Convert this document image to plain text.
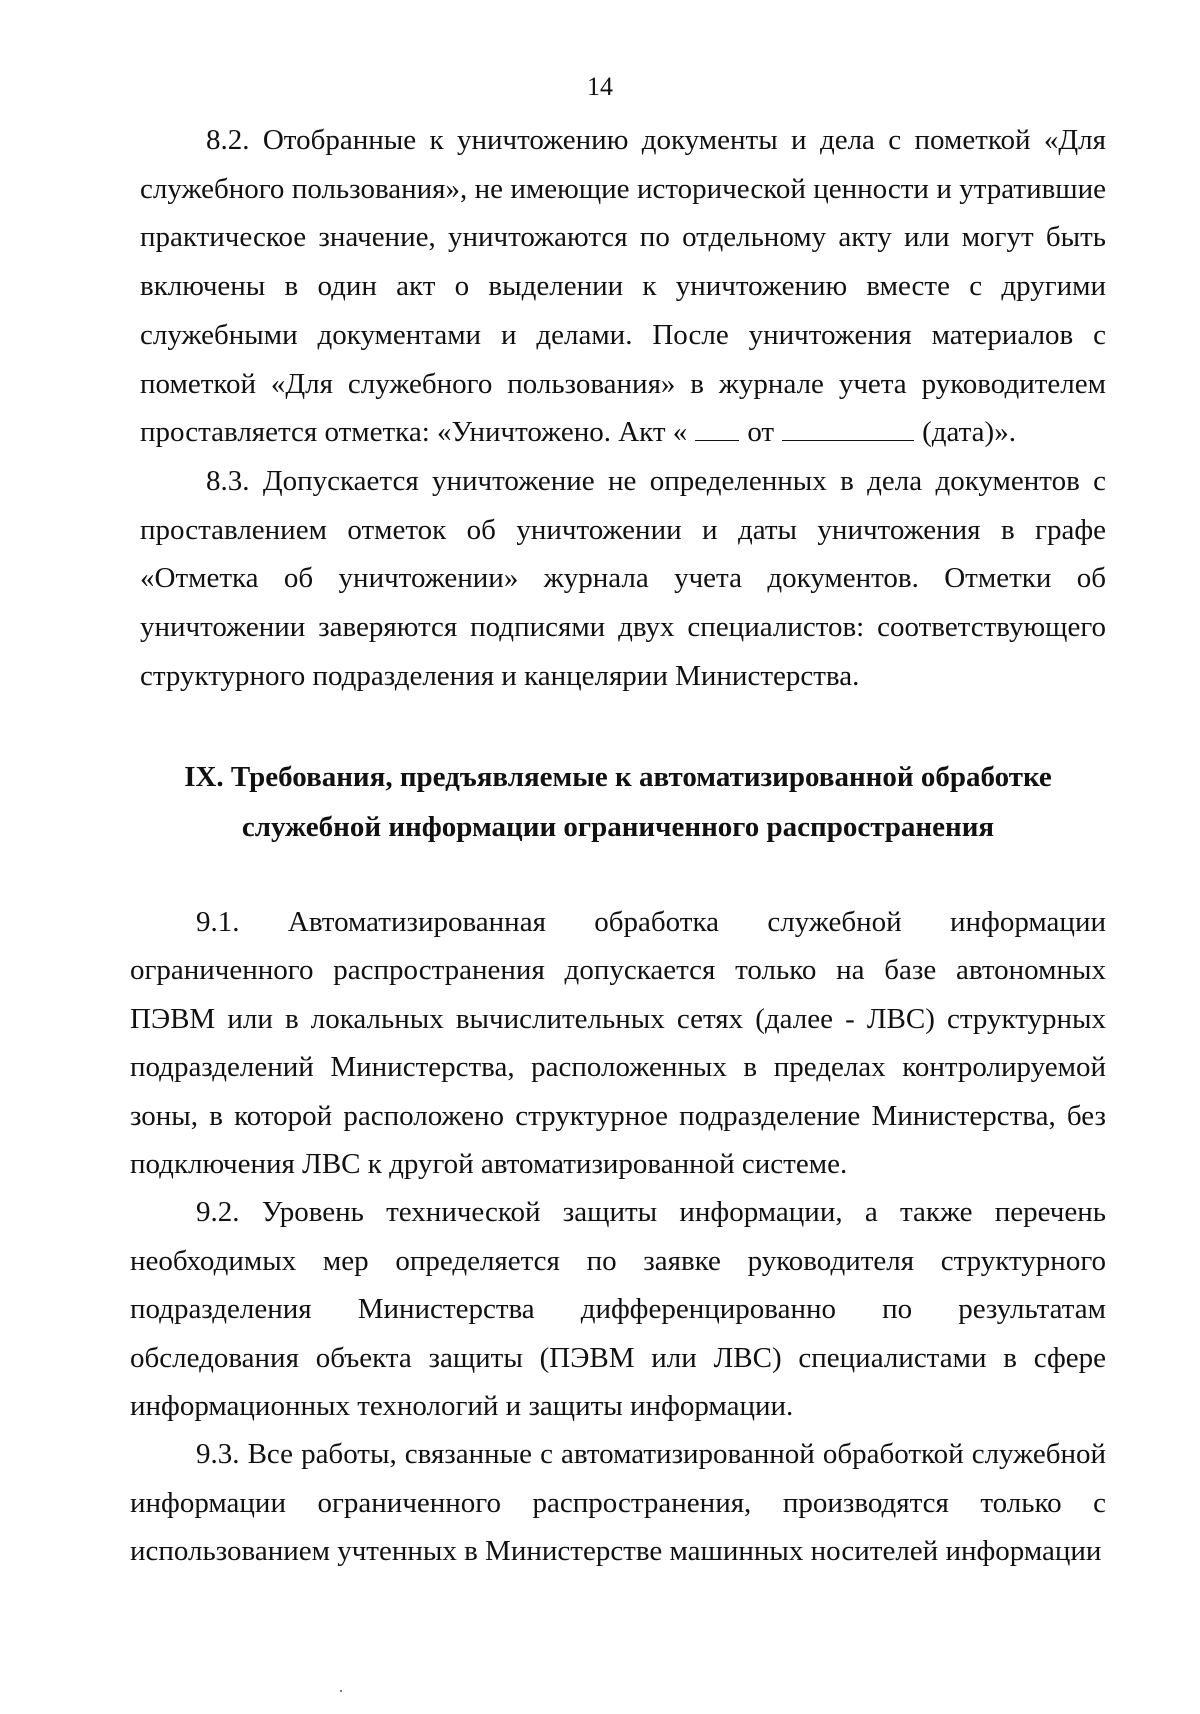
14

8.2. Отобранные к уничтожению документы и дела с пометкой «Для служебного пользования», не имеющие исторической ценности и утратившие практическое значение, уничтожаются по отдельному акту или могут быть включены в один акт о выделении к уничтожению вместе с другими служебными документами и делами. После уничтожения материалов с пометкой «Для служебного пользования» в журнале учета руководителем проставляется отметка: «Уничтожено. Акт « от	(дата)».

8.3. Допускается уничтожение не определенных в дела документов с проставлением отметок об уничтожении и даты уничтожения в графе «Отметка об уничтожении» журнала учета документов. Отметки об уничтожении заверяются подписями двух специалистов: соответствующего структурного подразделения и канцелярии Министерства.

IX. Требования, предъявляемые к автоматизированной обработке
служебной информации ограниченного распространения

9.1. Автоматизированная обработка служебной информации ограниченного распространения допускается только на базе автономных ПЭВМ или в локальных вычислительных сетях (далее - ЛВС) структурных подразделений Министерства, расположенных в пределах контролируемой зоны, в которой расположено структурное подразделение Министерства, без подключения ЛВС к другой автоматизированной системе.

9.2. Уровень технической защиты информации, а также перечень необходимых мер определяется по заявке руководителя структурного подразделения Министерства дифференцированно по результатам обследования объекта защиты (ПЭВМ или ЛВС) специалистами в сфере информационных технологий и защиты информации.

9.3. Все работы, связанные с автоматизированной обработкой служебной информации ограниченного распространения, производятся только с использованием учтенных в Министерстве машинных носителей информации
